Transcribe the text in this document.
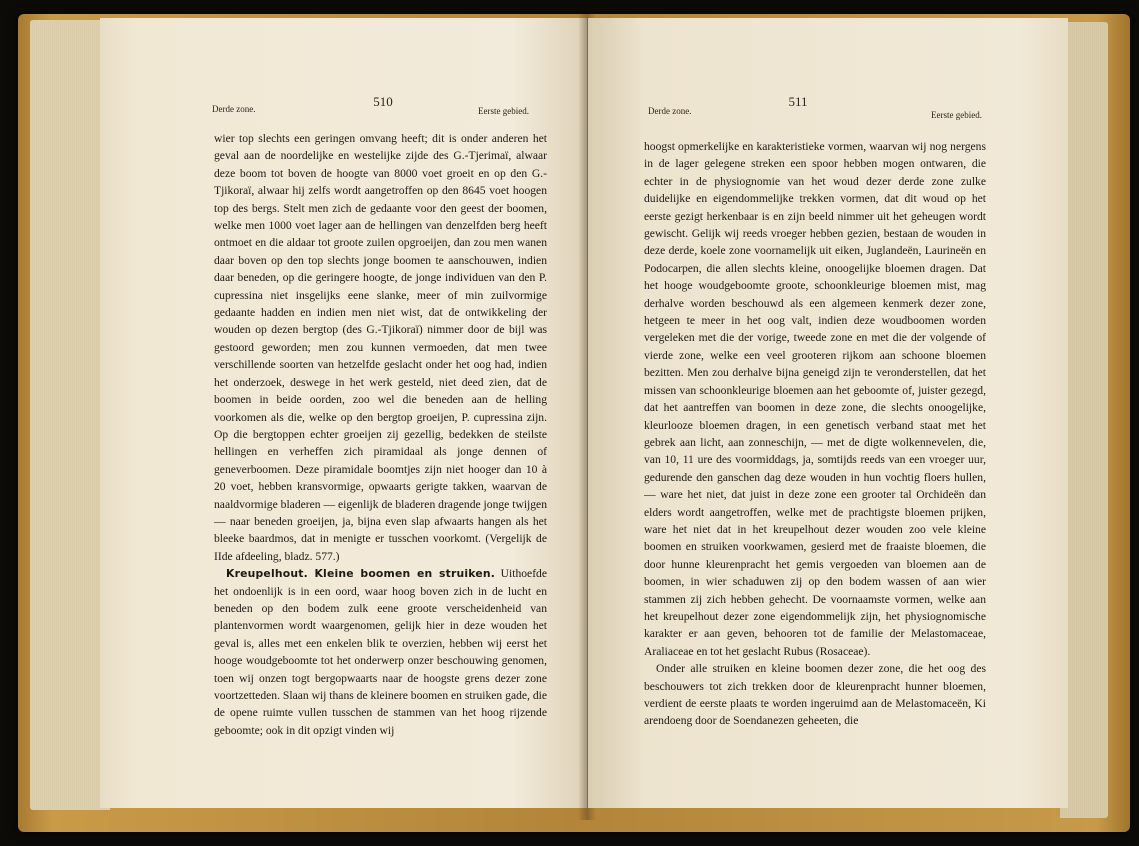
Derde zone.	510
Eerste gebied.

wier top slechts een geringen omvang heeft; dit is onder anderen het geval aan de noordelijke en westelijke zijde des G.-Tjerimaï, alwaar deze boom tot boven de hoogte van 8000 voet groeit en op den G.-Tjikoraï, alwaar hij zelfs wordt aangetroffen op den 8645 voet hoogen top des bergs. Stelt men zich de gedaante voor den geest der boomen, welke men 1000 voet lager aan de hellingen van denzelfden berg heeft ontmoet en die aldaar tot groote zuilen opgroeijen, dan zou men wanen daar boven op den top slechts jonge boomen te aanschouwen, indien daar beneden, op die geringere hoogte, de jonge individuen van den P. cupressina niet insgelijks eene slanke, meer of min zuilvormige gedaante hadden en indien men niet wist, dat de ontwikkeling der wouden op dezen bergtop (des G.-Tjikoraï) nimmer door de bijl was gestoord geworden; men zou kunnen vermoeden, dat men twee verschillende soorten van hetzelfde geslacht onder het oog had, indien het onderzoek, deswege in het werk gesteld, niet deed zien, dat de boomen in beide oorden, zoo wel die beneden aan de helling voorkomen als die, welke op den bergtop groeijen, P. cupressina zijn. Op die bergtoppen echter groeijen zij gezellig, bedekken de steilste hellingen en verheffen zich piramidaal als jonge dennen of geneverboomen. Deze piramidale boomtjes zijn niet hooger dan 10 à 20 voet, hebben kransvormige, opwaarts gerigte takken, waarvan de naaldvormige bladeren — eigenlijk de bladeren dragende jonge twijgen — naar beneden groeijen, ja, bijna even slap afwaarts hangen als het bleeke baardmos, dat in menigte er tusschen voorkomt. (Vergelijk de IIde afdeeling, bladz. 577.)

Kreupelhout. Kleine boomen en struiken. Uithoefde het ondoenlijk is in een oord, waar hoog boven zich in de lucht en beneden op den bodem zulk eene groote verscheidenheid van plantenvormen wordt waargenomen, gelijk hier in deze wouden het geval is, alles met een enkelen blik te overzien, hebben wij eerst het hooge woudgeboomte tot het onderwerp onzer beschouwing genomen, toen wij onzen togt bergopwaarts naar de hoogste grens dezer zone voortzetteden. Slaan wij thans de kleinere boomen en struiken gade, die de opene ruimte vullen tusschen de stammen van het hoog rijzende geboomte; ook in dit opzigt vinden wij

Derde zone.
511
Eerste gebied.

hoogst opmerkelijke en karakteristieke vormen, waarvan wij nog nergens in de lager gelegene streken een spoor hebben mogen ontwaren, die echter in de physiognomie van het woud dezer derde zone zulke duidelijke en eigendommelijke trekken vormen, dat dit woud op het eerste gezigt herkenbaar is en zijn beeld nimmer uit het geheugen wordt gewischt. Gelijk wij reeds vroeger hebben gezien, bestaan de wouden in deze derde, koele zone voornamelijk uit eiken, Juglandeën, Laurineën en Podocarpen, die allen slechts kleine, onoogelijke bloemen dragen. Dat het hooge woudgeboomte groote, schoonkleurige bloemen mist, mag derhalve worden beschouwd als een algemeen kenmerk dezer zone, hetgeen te meer in het oog valt, indien deze woudboomen worden vergeleken met die der vorige, tweede zone en met die der volgende of vierde zone, welke een veel grooteren rijkom aan schoone bloemen bezitten. Men zou derhalve bijna geneigd zijn te veronderstellen, dat het missen van schoonkleurige bloemen aan het geboomte of, juister gezegd, dat het aantreffen van boomen in deze zone, die slechts onoogelijke, kleurlooze bloemen dragen, in een genetisch verband staat met het gebrek aan licht, aan zonneschijn, — met de digte wolkennevelen, die, van 10, 11 ure des voormiddags, ja, somtijds reeds van een vroeger uur, gedurende den ganschen dag deze wouden in hun vochtig floers hullen, — ware het niet, dat juist in deze zone een grooter tal Orchideën dan elders wordt aangetroffen, welke met de prachtigste bloemen prijken, ware het niet dat in het kreupelhout dezer wouden zoo vele kleine boomen en struiken voorkwamen, gesierd met de fraaiste bloemen, die door hunne kleurenpracht het gemis vergoeden van bloemen aan de boomen, in wier schaduwen zij op den bodem wassen of aan wier stammen zij zich hebben gehecht. De voornaamste vormen, welke aan het kreupelhout dezer zone eigendommelijk zijn, het physiognomische karakter er aan geven, behooren tot de familie der Melastomaceae, Araliaceae en tot het geslacht Rubus (Rosaceae).

Onder alle struiken en kleine boomen dezer zone, die het oog des beschouwers tot zich trekken door de kleurenpracht hunner bloemen, verdient de eerste plaats te worden ingeruimd aan de Melastomaceën, Ki arendoeng door de Soendanezen geheeten, die
